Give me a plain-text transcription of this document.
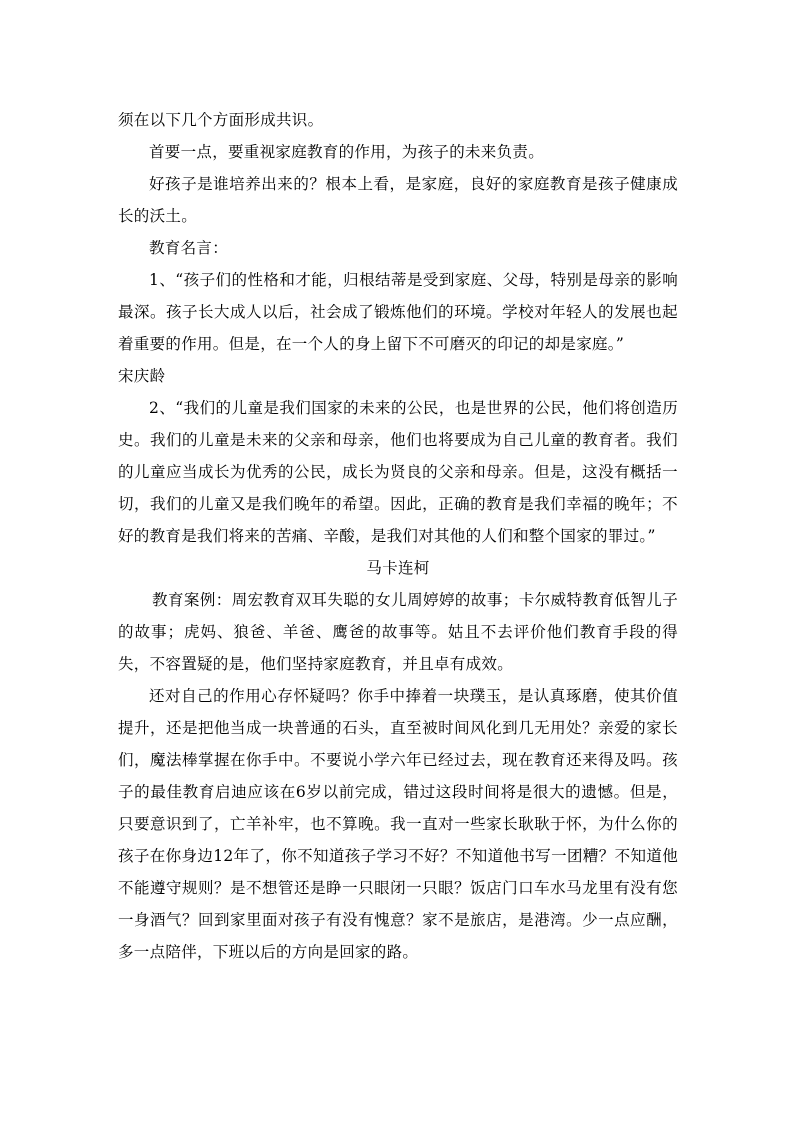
须在以下几个方面形成共识。

首要一点，要重视家庭教育的作用，为孩子的未来负责。

好孩子是谁培养出来的？根本上看，是家庭，良好的家庭教育是孩子健康成长的沃土。

教育名言：

1、“孩子们的性格和才能，归根结蒂是受到家庭、父母，特别是母亲的影响最深。孩子长大成人以后，社会成了锻炼他们的环境。学校对年轻人的发展也起着重要的作用。但是，在一个人的身上留下不可磨灭的印记的却是家庭。”

宋庆龄

2、“我们的儿童是我们国家的未来的公民，也是世界的公民，他们将创造历史。我们的儿童是未来的父亲和母亲，他们也将要成为自己儿童的教育者。我们的儿童应当成长为优秀的公民，成长为贤良的父亲和母亲。但是，这没有概括一切，我们的儿童又是我们晚年的希望。因此，正确的教育是我们幸福的晚年；不好的教育是我们将来的苦痛、辛酸，是我们对其他的人们和整个国家的罪过。”

马卡连柯

教育案例：周宏教育双耳失聪的女儿周婷婷的故事；卡尔威特教育低智儿子的故事；虎妈、狼爸、羊爸、鹰爸的故事等。姑且不去评价他们教育手段的得失，不容置疑的是，他们坚持家庭教育，并且卓有成效。

还对自己的作用心存怀疑吗？你手中捧着一块璞玉，是认真琢磨，使其价值提升，还是把他当成一块普通的石头，直至被时间风化到几无用处？亲爱的家长们，魔法棒掌握在你手中。不要说小学六年已经过去，现在教育还来得及吗。孩子的最佳教育启迪应该在6岁以前完成，错过这段时间将是很大的遗憾。但是，只要意识到了，亡羊补牢，也不算晚。我一直对一些家长耿耿于怀，为什么你的孩子在你身边12年了，你不知道孩子学习不好？不知道他书写一团糟？不知道他不能遵守规则？是不想管还是睁一只眼闭一只眼？饭店门口车水马龙里有没有您一身酒气？回到家里面对孩子有没有愧意？家不是旅店，是港湾。少一点应酬，多一点陪伴，下班以后的方向是回家的路。
